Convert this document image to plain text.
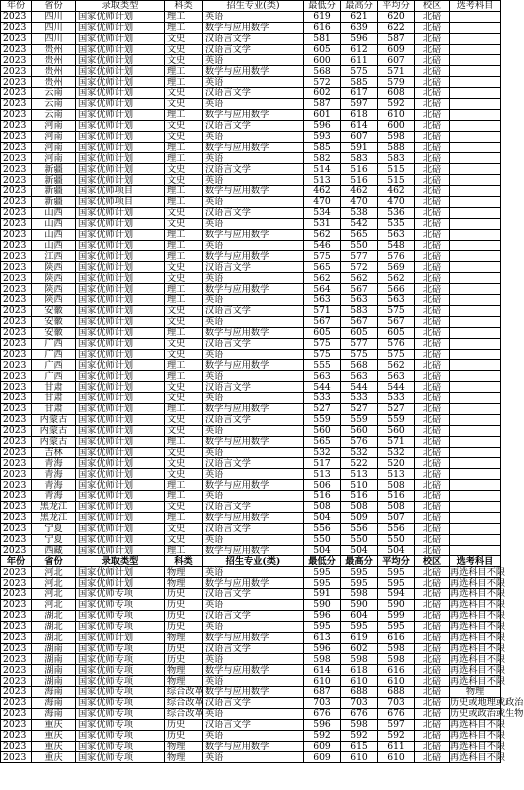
年份	省份	录取类型	科类	招生专业(类)	最低分	最高分	平均分	校区	选考科目
2023	四川	国家优师计划	理工	英语	619	621	620	北碚	
2023	四川	国家优师计划	理工	数学与应用数学	616	639	622	北碚	
2023	四川	国家优师计划	文史	汉语言文学	581	596	587	北碚	
2023	贵州	国家优师计划	文史	汉语言文学	605	612	609	北碚	
2023	贵州	国家优师计划	文史	英语	600	611	607	北碚	
2023	贵州	国家优师计划	理工	数学与应用数学	568	575	571	北碚	
2023	贵州	国家优师计划	理工	英语	572	585	579	北碚	
2023	云南	国家优师计划	文史	汉语言文学	602	617	608	北碚	
2023	云南	国家优师计划	文史	英语	587	597	592	北碚	
2023	云南	国家优师计划	理工	数学与应用数学	601	618	610	北碚	
2023	河南	国家优师计划	文史	汉语言文学	596	614	600	北碚	
2023	河南	国家优师计划	文史	英语	593	607	598	北碚	
2023	河南	国家优师计划	理工	数学与应用数学	585	591	588	北碚	
2023	河南	国家优师计划	理工	英语	582	583	583	北碚	
2023	新疆	国家优师计划	文史	汉语言文学	514	516	515	北碚	
2023	新疆	国家优师计划	文史	英语	513	516	515	北碚	
2023	新疆	国家优师项目	理工	数学与应用数学	462	462	462	北碚	
2023	新疆	国家优师项目	理工	英语	470	470	470	北碚	
2023	山西	国家优师计划	文史	汉语言文学	534	538	536	北碚	
2023	山西	国家优师计划	文史	英语	531	542	535	北碚	
2023	山西	国家优师计划	理工	数学与应用数学	562	565	563	北碚	
2023	山西	国家优师计划	理工	英语	546	550	548	北碚	
2023	江西	国家优师计划	理工	数学与应用数学	575	577	576	北碚	
2023	陕西	国家优师计划	文史	汉语言文学	565	572	569	北碚	
2023	陕西	国家优师计划	文史	英语	562	562	562	北碚	
2023	陕西	国家优师计划	理工	数学与应用数学	564	567	566	北碚	
2023	陕西	国家优师计划	理工	英语	563	563	563	北碚	
2023	安徽	国家优师计划	文史	汉语言文学	571	583	575	北碚	
2023	安徽	国家优师计划	文史	英语	567	567	567	北碚	
2023	安徽	国家优师计划	理工	数学与应用数学	605	605	605	北碚	
2023	广西	国家优师计划	文史	汉语言文学	575	577	576	北碚	
2023	广西	国家优师计划	文史	英语	575	575	575	北碚	
2023	广西	国家优师计划	理工	数学与应用数学	555	568	562	北碚	
2023	广西	国家优师计划	理工	英语	563	563	563	北碚	
2023	甘肃	国家优师计划	文史	汉语言文学	544	544	544	北碚	
2023	甘肃	国家优师计划	文史	英语	533	533	533	北碚	
2023	甘肃	国家优师计划	理工	数学与应用数学	527	527	527	北碚	
2023	内蒙古	国家优师计划	文史	汉语言文学	559	559	559	北碚	
2023	内蒙古	国家优师计划	文史	英语	560	560	560	北碚	
2023	内蒙古	国家优师计划	理工	数学与应用数学	565	576	571	北碚	
2023	吉林	国家优师计划	文史	英语	532	532	532	北碚	
2023	青海	国家优师计划	文史	汉语言文学	517	522	520	北碚	
2023	青海	国家优师计划	文史	英语	513	513	513	北碚	
2023	青海	国家优师计划	理工	数学与应用数学	506	510	508	北碚	
2023	青海	国家优师计划	理工	英语	516	516	516	北碚	
2023	黑龙江	国家优师计划	文史	汉语言文学	508	508	508	北碚	
2023	黑龙江	国家优师计划	理工	数学与应用数学	504	509	507	北碚	
2023	宁夏	国家优师计划	文史	汉语言文学	556	556	556	北碚	
2023	宁夏	国家优师计划	文史	英语	550	550	550	北碚	
2023	西藏	国家优师计划	理工	数学与应用数学	504	504	504	北碚	
年份	省份	录取类型	科类	招生专业(类)	最低分	最高分	平均分	校区	选考科目
2023	河北	国家优师计划	物理	英语	595	595	595	北碚	再选科目不限
2023	河北	国家优师计划	物理	数学与应用数学	595	595	595	北碚	再选科目不限
2023	河北	国家优师专项	历史	汉语言文学	591	598	594	北碚	再选科目不限
2023	河北	国家优师专项	历史	英语	590	590	590	北碚	再选科目不限
2023	湖北	国家优师专项	历史	汉语言文学	596	604	599	北碚	再选科目不限
2023	湖北	国家优师专项	历史	英语	595	595	595	北碚	再选科目不限
2023	湖北	国家优师计划	物理	数学与应用数学	613	619	616	北碚	再选科目不限
2023	湖南	国家优师专项	历史	汉语言文学	596	602	598	北碚	再选科目不限
2023	湖南	国家优师专项	历史	英语	598	598	598	北碚	再选科目不限
2023	湖南	国家优师专项	物理	数学与应用数学	614	618	616	北碚	再选科目不限
2023	湖南	国家优师专项	物理	英语	610	610	610	北碚	再选科目不限
2023	海南	国家优师专项	综合改革	数学与应用数学	687	688	688	北碚	物理
2023	海南	国家优师专项	综合改革	汉语言文学	703	703	703	北碚	历史或地理或政治
2023	海南	国家优师专项	综合改革	英语	676	676	676	北碚	历史或政治或生物
2023	重庆	国家优师专项	历史	汉语言文学	596	598	597	北碚	再选科目不限
2023	重庆	国家优师专项	历史	英语	592	592	592	北碚	再选科目不限
2023	重庆	国家优师专项	物理	数学与应用数学	609	615	611	北碚	再选科目不限
2023	重庆	国家优师专项	物理	英语	609	610	610	北碚	再选科目不限
